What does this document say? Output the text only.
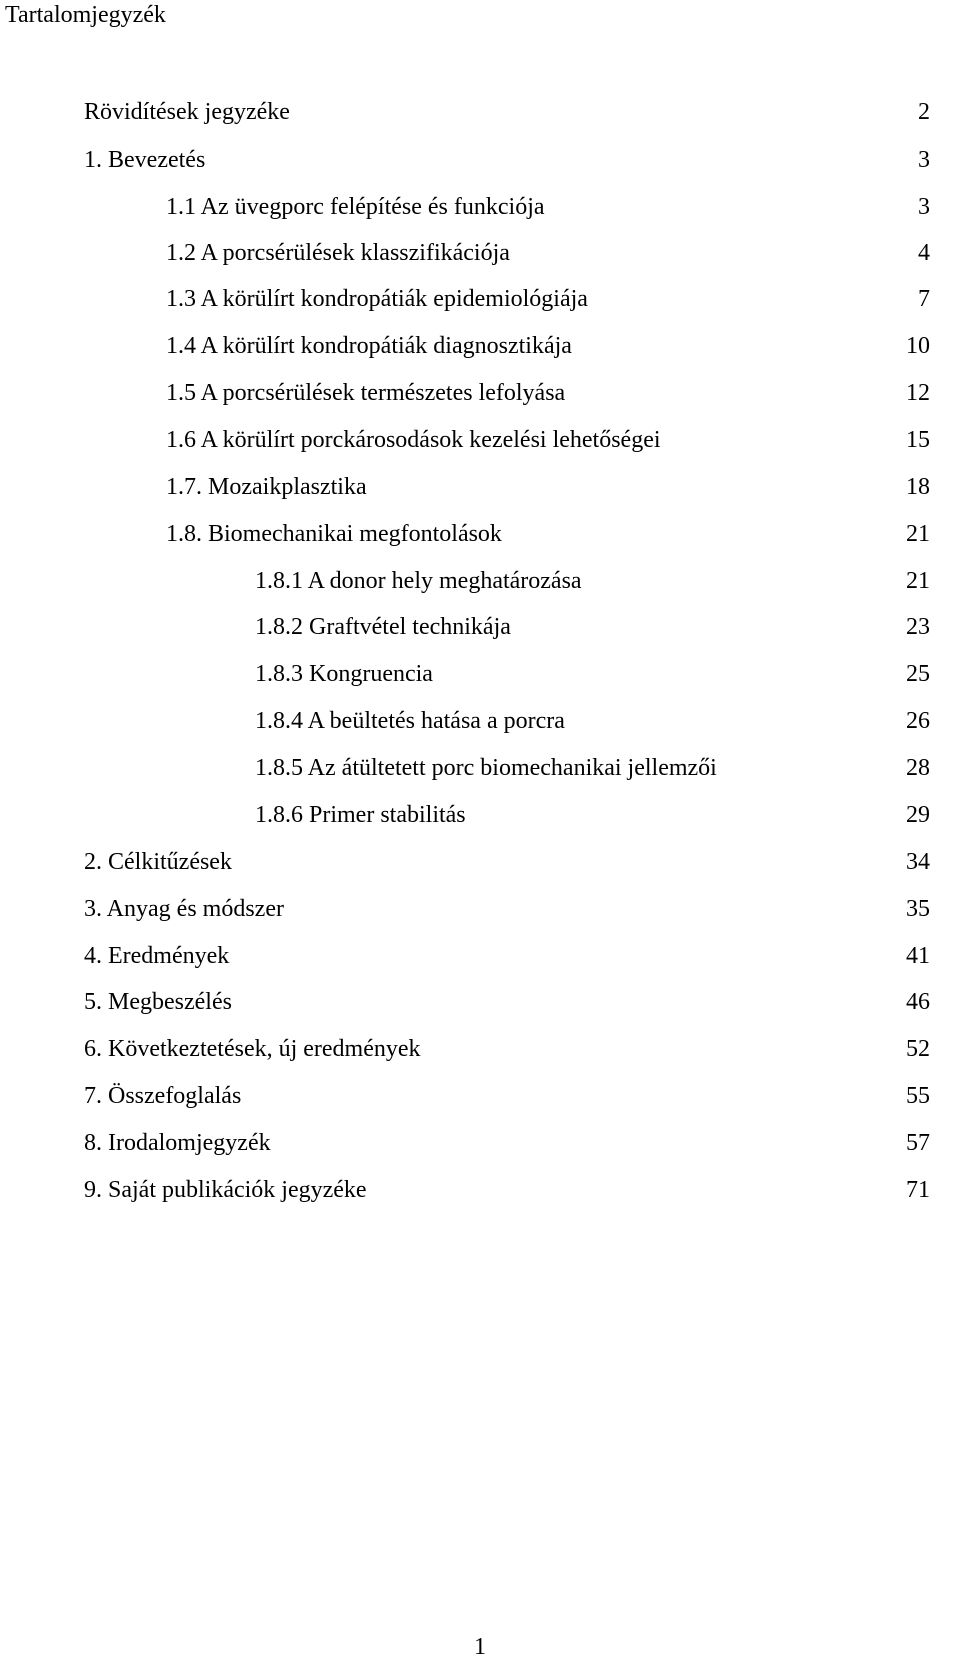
Tartalomjegyzék
Rövidítések jegyzéke	2
1. Bevezetés	3
1.1 Az üvegporc felépítése és funkciója	3
1.2 A porcsérülések klasszifikációja	4
1.3 A körülírt kondropátiák epidemiológiája	7
1.4 A körülírt kondropátiák diagnosztikája	10
1.5 A porcsérülések természetes lefolyása	12
1.6 A körülírt porckárosodások kezelési lehetőségei	15
1.7. Mozaikplasztika	18
1.8. Biomechanikai megfontolások	21
1.8.1 A donor hely meghatározása	21
1.8.2 Graftvétel technikája	23
1.8.3 Kongruencia	25
1.8.4 A beültetés hatása a porcra	26
1.8.5 Az átültetett porc biomechanikai jellemzői	28
1.8.6 Primer stabilitás	29
2. Célkitűzések	34
3. Anyag és módszer	35
4. Eredmények	41
5. Megbeszélés	46
6. Következtetések, új eredmények	52
7. Összefoglalás	55
8. Irodalomjegyzék	57
9. Saját publikációk jegyzéke	71
1
